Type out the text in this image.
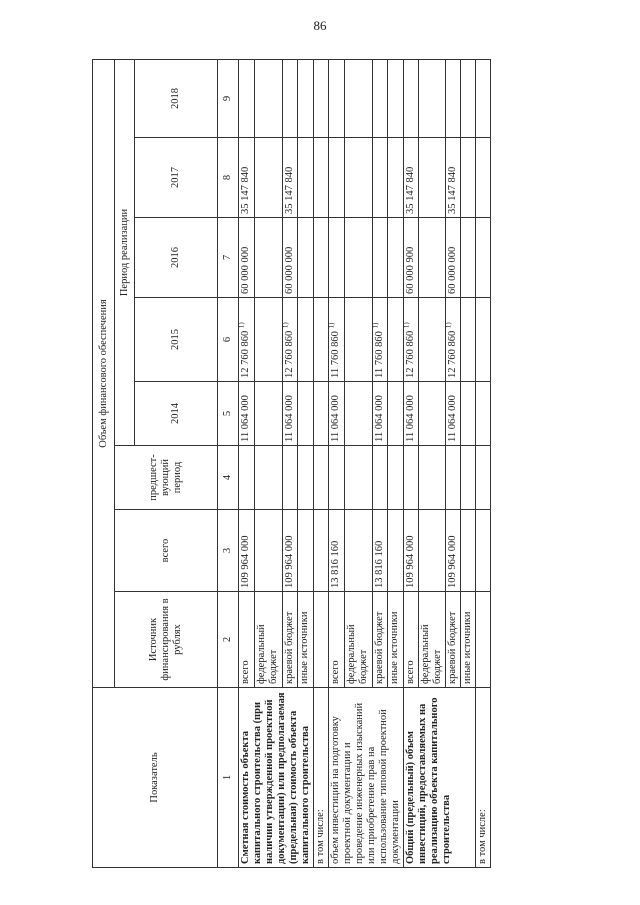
86
Показатель	Объем финансового обеспечения							
	Источник финансирования в рублях	всего	предшест-вующий период	Период реализации				
				2014	2015	2016	2017	2018
1	2	3	4	5	6	7	8	9
Сметная стоимость объекта капитального строительства (при наличии утвержденной проектной документации) или предполагаемая (предельная) стоимость объекта капитального строительства	всего	109 964 000		11 064 000	12 760 860 $^{1)}$	60 000 000	35 147 840	
	федеральный бюджет							
	краевой бюджет	109 964 000		11 064 000	12 760 860 $^{1)}$	60 000 000	35 147 840	
	иные источники							
в том числе:								
объем инвестиций на подготовку проектной документации и проведение инженерных изысканий или приобретение прав на использование типовой проектной документации	всего	13 816 160		11 064 000	11 760 860 $^{1)}$			
	федеральный бюджет							
	краевой бюджет	13 816 160		11 064 000	11 760 860 $^{1)}$			
	иные источники							
Общий (предельный) объем инвестиций, предоставляемых на реализацию объекта капитального строительства	всего	109 964 000		11 064 000	12 760 860 $^{1)}$	60 000 900	35 147 840	
	федеральный бюджет							
	краевой бюджет	109 964 000		11 064 000	12 760 860 $^{1)}$	60 000 000	35 147 840	
	иные источники							
в том числе:								
